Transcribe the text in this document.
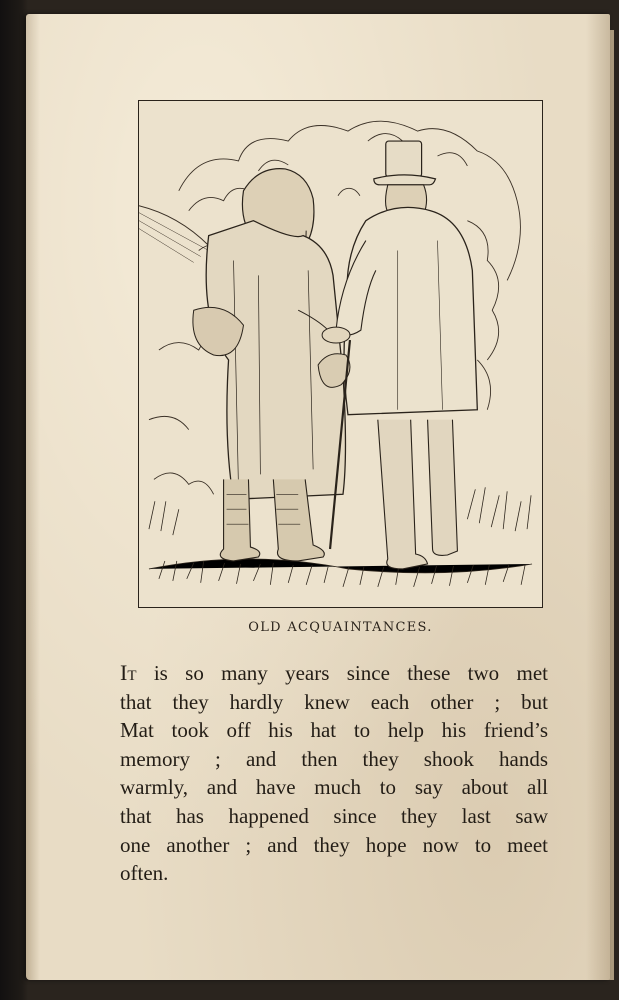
OLD ACQUAINTANCES.
It is so many years since these two met
that they hardly knew each other ; but
Mat took off his hat to help his friend’s
memory ; and then they shook hands
warmly, and have much to say about all
that has happened since they last saw
one another ; and they hope now to meet
often.
